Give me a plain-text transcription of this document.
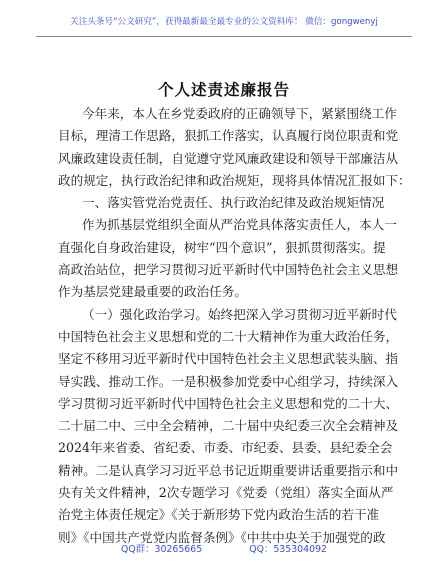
关注头条号“公文研究”，获得最新最全最专业的公文资料库！ 微信：gongwenyj
个人述责述廉报告
今年来，本人在乡党委政府的正确领导下，紧紧围绕工作
目标，理清工作思路，狠抓工作落实，认真履行岗位职责和党
风廉政建设责任制，自觉遵守党风廉政建设和领导干部廉洁从
政的规定，执行政治纪律和政治规矩，现将具体情况汇报如下：
一、落实管党治党责任、执行政治纪律及政治规矩情况
作为抓基层党组织全面从严治党具体落实责任人，本人一
直强化自身政治建设，树牢“四个意识”，狠抓贯彻落实。提
高政治站位，把学习贯彻习近平新时代中国特色社会主义思想
作为基层党建最重要的政治任务。
（一）强化政治学习。始终把深入学习贯彻习近平新时代
中国特色社会主义思想和党的二十大精神作为重大政治任务，
坚定不移用习近平新时代中国特色社会主义思想武装头脑、指
导实践、推动工作。一是积极参加党委中心组学习，持续深入
学习贯彻习近平新时代中国特色社会主义思想和党的二十大、
二十届二中、三中全会精神，二十届中央纪委三次全会精神及
2024年来省委、省纪委、市委、市纪委、县委、县纪委全会
精神。二是认真学习习近平总书记近期重要讲话重要指示和中
央有关文件精神，2次专题学习《党委（党组）落实全面从严
治党主体责任规定》《关于新形势下党内政治生活的若干准
则》《中国共产党党内监督条例》《中共中央关于加强党的政
QQ群：30265665	QQ：535304092
